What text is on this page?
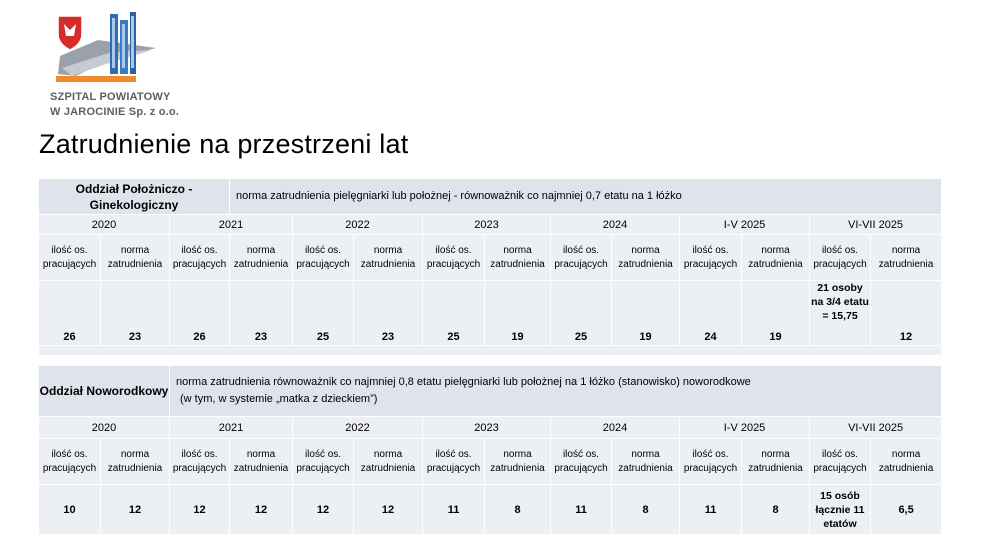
SZPITAL POWIATOWY
W JAROCINIE Sp. z o.o.
Zatrudnienie na przestrzeni lat
Oddział Położniczo - Ginekologiczny			norma zatrudnienia pielęgniarki lub położnej - równoważnik co najmniej 0,7 etatu na 1 łóżko										
2020		2021		2022		2023		2024		I-V 2025		VI-VII 2025	
ilość os. pracujących	norma zatrudnienia	ilość os. pracujących	norma zatrudnienia	ilość os. pracujących	norma zatrudnienia	ilość os. pracujących	norma zatrudnienia	ilość os. pracujących	norma zatrudnienia	ilość os. pracujących	norma zatrudnienia	ilość os. pracujących	norma zatrudnienia
26	23	26	23	25	23	25	19	25	19	24	19	21 osoby na 3/4 etatu = 15,75	12

Oddział Noworodkowy		norma zatrudnienia równoważnik co najmniej 0,8 etatu pielęgniarki lub położnej na 1 łóżko (stanowisko) noworodkowe
(w tym, w systemie „matka z dzieckiem”)											

2020		2021		2022		2023		2024		I-V 2025		VI-VII 2025	
ilość os. pracujących	norma zatrudnienia	ilość os. pracujących	norma zatrudnienia	ilość os. pracujących	norma zatrudnienia	ilość os. pracujących	norma zatrudnienia	ilość os. pracujących	norma zatrudnienia	ilość os. pracujących	norma zatrudnienia	ilość os. pracujących	norma zatrudnienia
10	12	12	12	12	12	11	8	11	8	11	8	15 osób łącznie 11 etatów	6,5
